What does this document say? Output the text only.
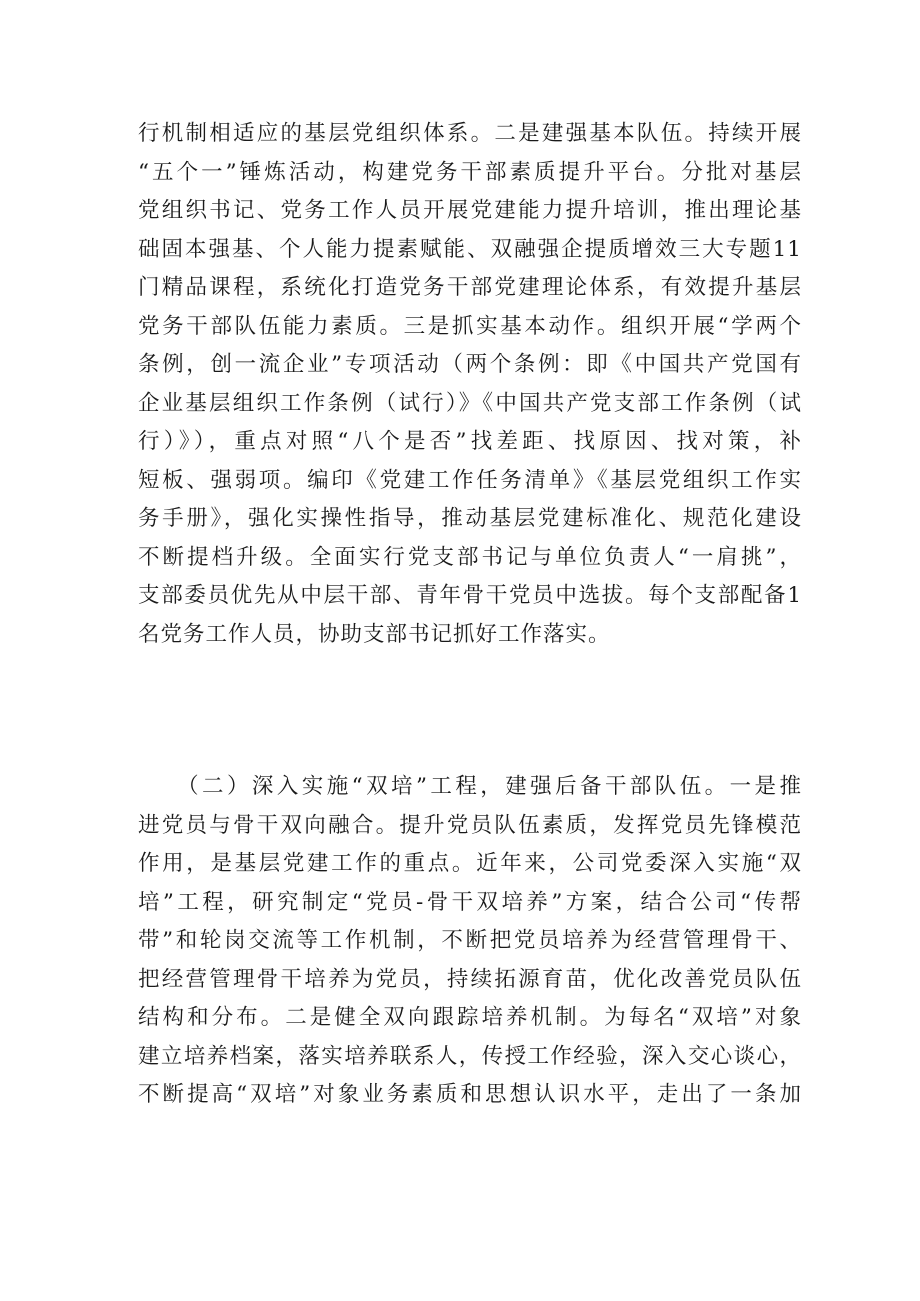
行机制相适应的基层党组织体系。二是建强基本队伍。持续开展
“五个一”锤炼活动，构建党务干部素质提升平台。分批对基层
党组织书记、党务工作人员开展党建能力提升培训，推出理论基
础固本强基、个人能力提素赋能、双融强企提质增效三大专题11
门精品课程，系统化打造党务干部党建理论体系，有效提升基层
党务干部队伍能力素质。三是抓实基本动作。组织开展“学两个
条例，创一流企业”专项活动（两个条例：即《中国共产党国有
企业基层组织工作条例（试行）》《中国共产党支部工作条例（试
行）》），重点对照“八个是否”找差距、找原因、找对策，补
短板、强弱项。编印《党建工作任务清单》《基层党组织工作实
务手册》，强化实操性指导，推动基层党建标准化、规范化建设
不断提档升级。全面实行党支部书记与单位负责人“一肩挑”，
支部委员优先从中层干部、青年骨干党员中选拔。每个支部配备1
名党务工作人员，协助支部书记抓好工作落实。
　　（二）深入实施“双培”工程，建强后备干部队伍。一是推
进党员与骨干双向融合。提升党员队伍素质，发挥党员先锋模范
作用，是基层党建工作的重点。近年来，公司党委深入实施“双
培”工程，研究制定“党员-骨干双培养”方案，结合公司“传帮
带”和轮岗交流等工作机制，不断把党员培养为经营管理骨干、
把经营管理骨干培养为党员，持续拓源育苗，优化改善党员队伍
结构和分布。二是健全双向跟踪培养机制。为每名“双培”对象
建立培养档案，落实培养联系人，传授工作经验，深入交心谈心，
不断提高“双培”对象业务素质和思想认识水平，走出了一条加
